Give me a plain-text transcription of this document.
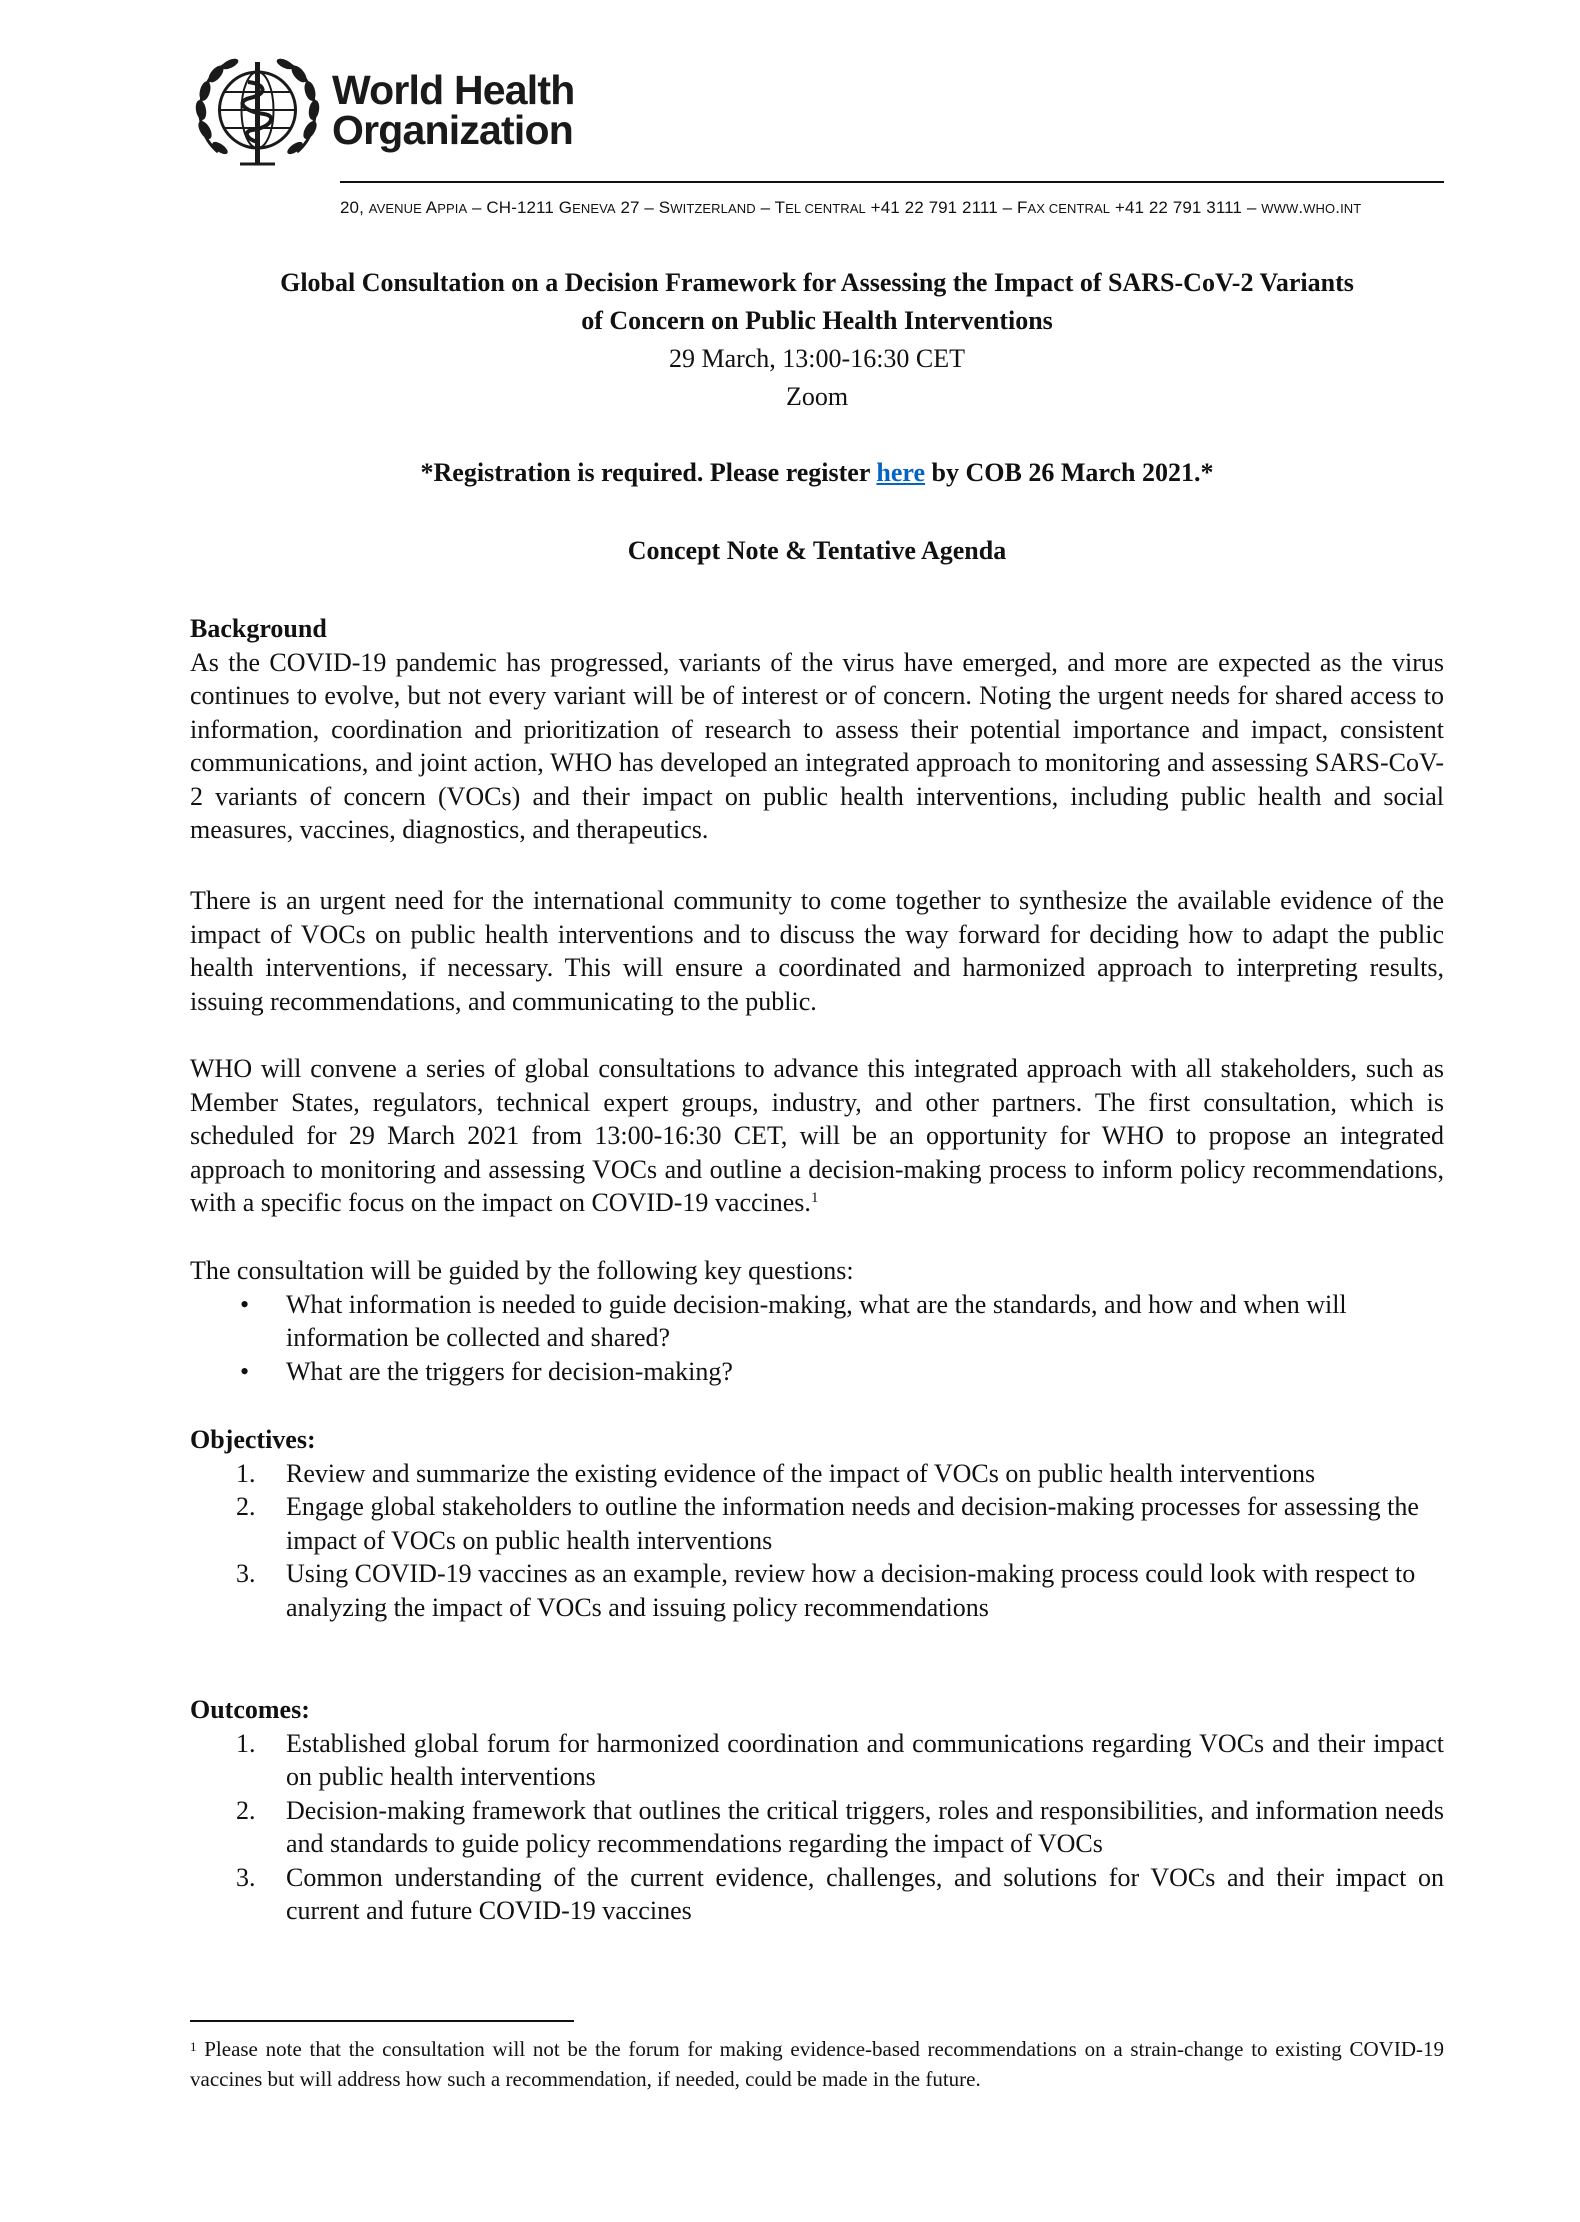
World Health
Organization
20, AVENUE APPIA – CH-1211 GENEVA 27 – SWITZERLAND – TEL CENTRAL +41 22 791 2111 – FAX CENTRAL +41 22 791 3111 – WWW.WHO.INT
Global Consultation on a Decision Framework for Assessing the Impact of SARS-CoV-2 Variants
of Concern on Public Health Interventions
29 March, 13:00-16:30 CET
Zoom
*Registration is required. Please register here by COB 26 March 2021.*
Concept Note & Tentative Agenda
Background
As the COVID-19 pandemic has progressed, variants of the virus have emerged, and more are expected as the virus continues to evolve, but not every variant will be of interest or of concern. Noting the urgent needs for shared access to information, coordination and prioritization of research to assess their potential importance and impact, consistent communications, and joint action, WHO has developed an integrated approach to monitoring and assessing SARS-CoV-2 variants of concern (VOCs) and their impact on public health interventions, including public health and social measures, vaccines, diagnostics, and therapeutics.
There is an urgent need for the international community to come together to synthesize the available evidence of the impact of VOCs on public health interventions and to discuss the way forward for deciding how to adapt the public health interventions, if necessary. This will ensure a coordinated and harmonized approach to interpreting results, issuing recommendations, and communicating to the public.
WHO will convene a series of global consultations to advance this integrated approach with all stakeholders, such as Member States, regulators, technical expert groups, industry, and other partners. The first consultation, which is scheduled for 29 March 2021 from 13:00-16:30 CET, will be an opportunity for WHO to propose an integrated approach to monitoring and assessing VOCs and outline a decision-making process to inform policy recommendations, with a specific focus on the impact on COVID-19 vaccines.$^1$
The consultation will be guided by the following key questions:
• What information is needed to guide decision-making, what are the standards, and how and when will information be collected and shared?
• What are the triggers for decision-making?
Objectives:
1. Review and summarize the existing evidence of the impact of VOCs on public health interventions
2. Engage global stakeholders to outline the information needs and decision-making processes for assessing the impact of VOCs on public health interventions
3. Using COVID-19 vaccines as an example, review how a decision-making process could look with respect to analyzing the impact of VOCs and issuing policy recommendations
Outcomes:
1. Established global forum for harmonized coordination and communications regarding VOCs and their impact on public health interventions
2. Decision-making framework that outlines the critical triggers, roles and responsibilities, and information needs and standards to guide policy recommendations regarding the impact of VOCs
3. Common understanding of the current evidence, challenges, and solutions for VOCs and their impact on current and future COVID-19 vaccines
$^1$ Please note that the consultation will not be the forum for making evidence-based recommendations on a strain-change to existing COVID-19 vaccines but will address how such a recommendation, if needed, could be made in the future.
